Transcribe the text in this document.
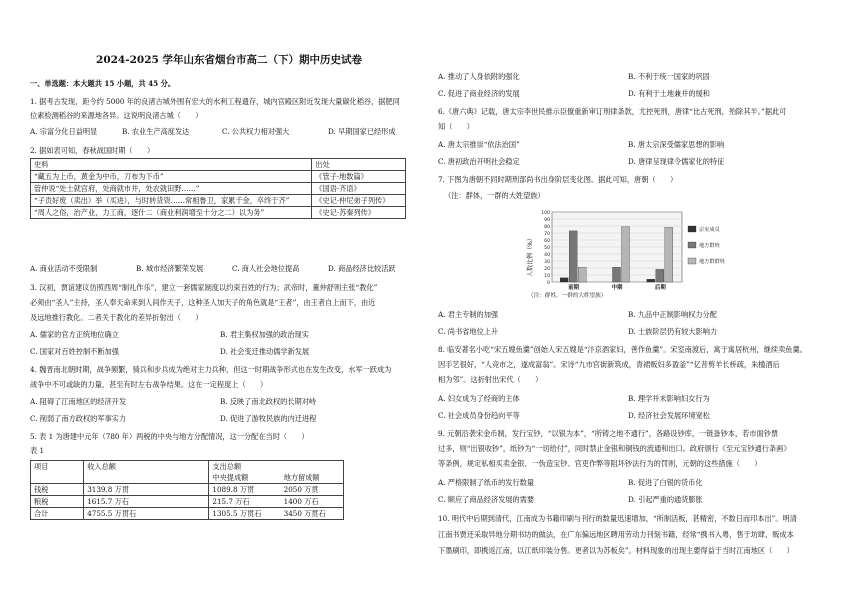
2024-2025 学年山东省烟台市高二（下）期中历史试卷
一、单选题：本大题共 15 小题，共 45 分。
1. 据考古发现，距今约 5000 年的良渚古城外围有宏大的水利工程遗存，城内宫殿区附近发现大量碳化稻谷，据肥同
位素检测稻谷的来源地各异。这说明良渚古城（　　）
A. 宗富分化日益明显	B. 农业生产高度发达	C. 公共权力相对强大	D. 早期国家已经形成
2. 据如表可知，春秋战国时期（　　）
史料	出处
“藏五为上币，黄金为中币，刀布为下币”	《管子·地数篇》
管仲说“处士就宫府，处商就市井，处农就田野……”	《国语·齐语》
“子贡好废（卖出）举（买进），与时转货资……常相鲁卫，家累千金，卒终于齐”	《史记·仲尼弟子列传》
“周人之俗，治产业，力工商，逐什二（商业利润增至十分之二）以为务”	《史记·苏秦列传》
A. 商业活动不受限制	B. 城市经济繁荣发展	C. 商人社会地位提高	D. 商品经济比较活跃
3. 汉初，贾谊建议仿照西周“制礼作乐”，建立一套儒家制度以约束百姓的行为；武帝时，董仲舒则主张“教化”
必须由“圣人”主持，圣人奉天命来到人间作天子，这种圣人加天子的角色就是“王者”，由王者自上而下，由近
及远地推行教化。二者关于教化的差异折射出（　　）
A. 儒家的官方正统地位确立	B. 君主集权加强的政治现实
C. 国家对百姓控制不断加强	D. 社会变迁推动儒学新发展
4. 魏晋南北朝时期，战争频繁，骑兵和步兵成为绝对主力兵种，但这一时期战争形式也在发生改变，水军一跃成为
战争中不可或缺的力量，甚至有时左右战争结果。这在一定程度上（　　）
A. 阻碍了江南地区的经济开发	B. 反映了南北政权的长期对峙
C. 削弱了南方政权的军事实力	D. 促进了游牧民族的内迁进程
5. 表 1 为唐建中元年（780 年）两税的中央与地方分配情况，这一分配在当时（　　）
表 1
项目	收入总额	支出总额	
		中央提成额	地方留成额
钱税	3139.8 万贯	1089.8 万贯	2050 万贯
粮税	1615.7 万石	215.7 万石	1400 万石
合计	4755.5 万贯石	1305.5 万贯石	3450 万贯石
A. 推动了人身依附的强化	B. 不利于统一国家的巩固
C. 促进了商业经济的发展	D. 有利于土地兼并的缓和
6.《唐六典》记载，唐太宗李世民推示臣僚重新审订刑律条款，尤控死刑，唐律“比古死刑，殆除其半。”据此可
知（　　）
A. 唐太宗推崇“依法治国”	B. 唐太宗深受儒家思想的影响
C. 唐初政治开明社会稳定	D. 唐律呈现律令儒家化的特征
7. 下图为唐朝不同时期刑部尚书出身阶层变化图。据此可知，唐朝（　　）
（注：群体，一群的大姓望族）
0
10
20
30
40
50
60
70
80
90
100
前期	中期	后期
宗室成员
地方群姓
地方群群姓
人数比例（%）
（注：群姓，一群的大姓望族）
A. 君主专制的加强	B. 九品中正制影响权力分配
C. 尚书省地位上升	D. 士族阶层仍有较大影响力
8. 临安著名小吃“宋五嫂鱼羹”创始人宋五嫂是“汴京酒家妇，善作鱼羹”。宋室南渡后，寓于寓居杭州，继续卖鱼羹。
因手艺很好，“人竞市之，遂成富翁”。宋诗“九市官街新筑成，青裙贩妇多盈釜”“亿昔剪羊长桥疏，朱槛酒后
相为邻”。这折射出宋代（　　）
A. 妇女成为了经商的主体	B. 理学并未影响妇女行为
C. 社会成员身份趋向平等	D. 经济社会发展环境宽松
9. 元朝沿袭宋金币制，发行宝钞，“以银为本”，“所铸之地不通行”，各路设钞库，一链备钞本，若市面钞票
过多，则“出银收钞”，纸钞为“一切给付”，同时禁止金银和铜钱的流通和出口。政府颁行《至元宝钞通行条画》
等条例，规定私相买卖金银、一伪造宝钞、官吏作弊等阻坏钞法行为的罚则，元朝的这些措施（　　）
A. 严格限制了纸币的发行数量	B. 促进了白银的货币化
C. 顺应了商品经济发展的需要	D. 引起严重的通货膨胀
10. 明代中后期到清代，江南成为书籍印刷与刊行的数量迅速增加，“所制活板，甚精密，不数日而印本出”。明清
江南书贾还采取异地分期书坊的做法，在广东偏远地区聘用劳动力刊刻书籍，经常“携书入粤，售于坊肆，贩成本
下墨刷印，即携返江南，以江纸印装分售。更者以为苏板矣”。材料现象的出现主要得益于当时江南地区（　　）
